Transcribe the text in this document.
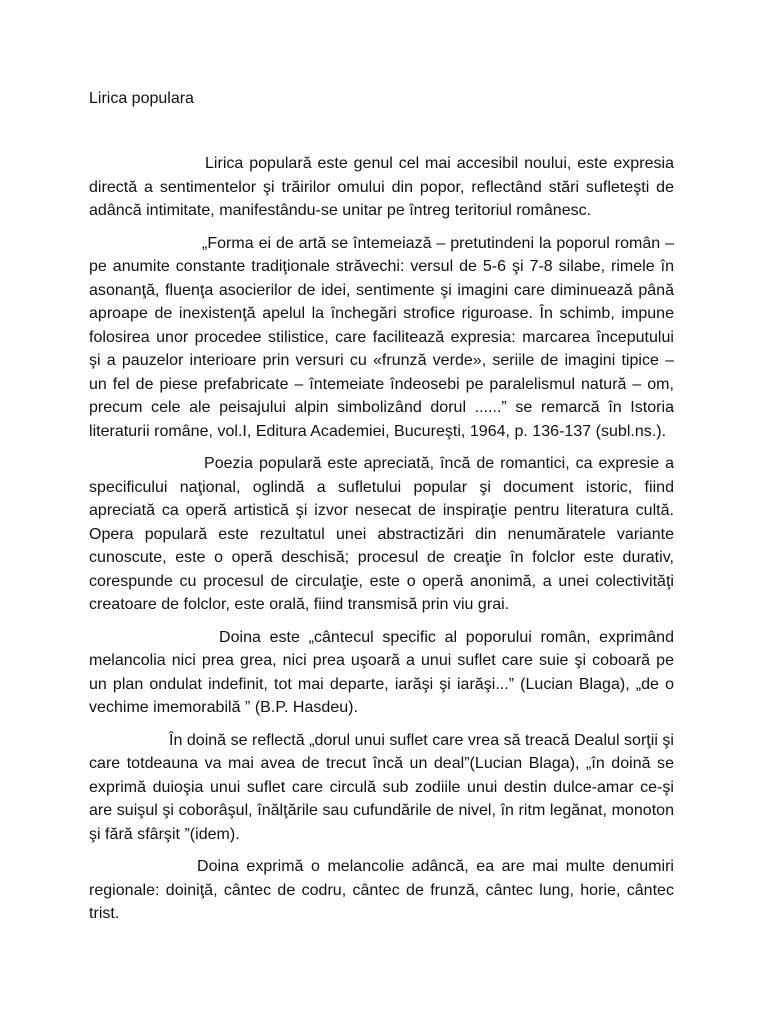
Lirica populara

Lirica populară este genul cel mai accesibil noului, este expresia directă a sentimentelor şi trăirilor omului din popor, reflectând stări sufleteşti de adâncă intimitate, manifestându-se unitar pe întreg teritoriul românesc.

„Forma ei de artă se întemeiază – pretutindeni la poporul român – pe anumite constante tradiţionale străvechi: versul de 5-6 şi 7-8 silabe, rimele în asonanţă, fluenţa asocierilor de idei, sentimente şi imagini care diminuează până aproape de inexistenţă apelul la închegări strofice riguroase. În schimb, impune folosirea unor procedee stilistice, care facilitează expresia: marcarea începutului şi a pauzelor interioare prin versuri cu «frunză verde», seriile de imagini tipice – un fel de piese prefabricate – întemeiate îndeosebi pe paralelismul natură – om, precum cele ale peisajului alpin simbolizând dorul ......” se remarcă în Istoria literaturii române, vol.I, Editura Academiei, Bucureşti, 1964, p. 136-137 (subl.ns.).

Poezia populară este apreciată, încă de romantici, ca expresie a specificului naţional, oglindă a sufletului popular şi document istoric, fiind apreciată ca operă artistică şi izvor nesecat de inspiraţie pentru literatura cultă. Opera populară este rezultatul unei abstractizări din nenumăratele variante cunoscute, este o operă deschisă; procesul de creaţie în folclor este durativ, corespunde cu procesul de circulaţie, este o operă anonimă, a unei colectivităţi creatoare de folclor, este orală, fiind transmisă prin viu grai.

Doina este „cântecul specific al poporului român, exprimând melancolia nici prea grea, nici prea uşoară a unui suflet care suie şi coboară pe un plan ondulat indefinit, tot mai departe, iarăşi şi iarăşi...” (Lucian Blaga), „de o vechime imemorabilă ” (B.P. Hasdeu).

În doină se reflectă „dorul unui suflet care vrea să treacă Dealul sorţii şi care totdeauna va mai avea de trecut încă un deal”(Lucian Blaga), „în doină se exprimă duioşia unui suflet care circulă sub zodiile unui destin dulce-amar ce-şi are suişul şi coborâşul, înălţările sau cufundările de nivel, în ritm legănat, monoton şi fără sfârşit ”(idem).

Doina exprimă o melancolie adâncă, ea are mai multe denumiri regionale: doiniţă, cântec de codru, cântec de frunză, cântec lung, horie, cântec trist.
